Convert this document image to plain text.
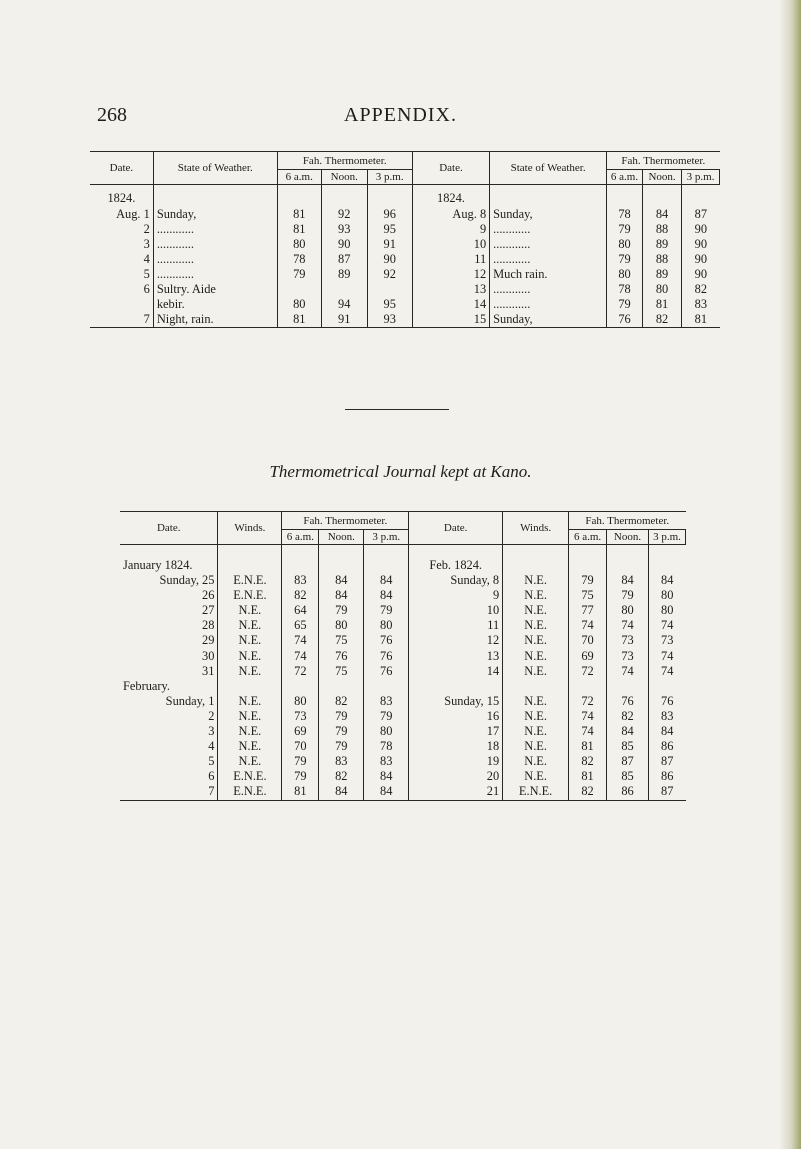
268	APPENDIX.
Date.	State of Weather.	Fah. Thermometer.			Date.	State of Weather.	Fah. Thermometer.		
		6 a.m.	Noon.	3 p.m.			6 a.m.	Noon.	3 p.m.
1824.					1824.				
Aug. 1	Sunday,	81	92	96	Aug. 8	Sunday,	78	84	87
2	............	81	93	95	9	............	79	88	90
3	............	80	90	91	10	............	80	89	90
4	............	78	87	90	11	............	79	88	90
5	............	79	89	92	12	Much rain.	80	89	90
6	Sultry. Aide				13	............	78	80	82
	kebir.	80	94	95	14	............	79	81	83
7	Night, rain.	81	91	93	15	Sunday,	76	82	81
Thermometrical Journal kept at Kano.
Date.	Winds.	Fah. Thermometer.			Date.	Winds.	Fah. Thermometer.		
		6 a.m.	Noon.	3 p.m.			6 a.m.	Noon.	3 p.m.

January 1824.					Feb. 1824.				
Sunday, 25	E.N.E.	83	84	84	Sunday, 8	N.E.	79	84	84
26	E.N.E.	82	84	84	9	N.E.	75	79	80
27	N.E.	64	79	79	10	N.E.	77	80	80
28	N.E.	65	80	80	11	N.E.	74	74	74
29	N.E.	74	75	76	12	N.E.	70	73	73
30	N.E.	74	76	76	13	N.E.	69	73	74
31	N.E.	72	75	76	14	N.E.	72	74	74
February.									
Sunday, 1	N.E.	80	82	83	Sunday, 15	N.E.	72	76	76
2	N.E.	73	79	79	16	N.E.	74	82	83
3	N.E.	69	79	80	17	N.E.	74	84	84
4	N.E.	70	79	78	18	N.E.	81	85	86
5	N.E.	79	83	83	19	N.E.	82	87	87
6	E.N.E.	79	82	84	20	N.E.	81	85	86
7	E.N.E.	81	84	84	21	E.N.E.	82	86	87
